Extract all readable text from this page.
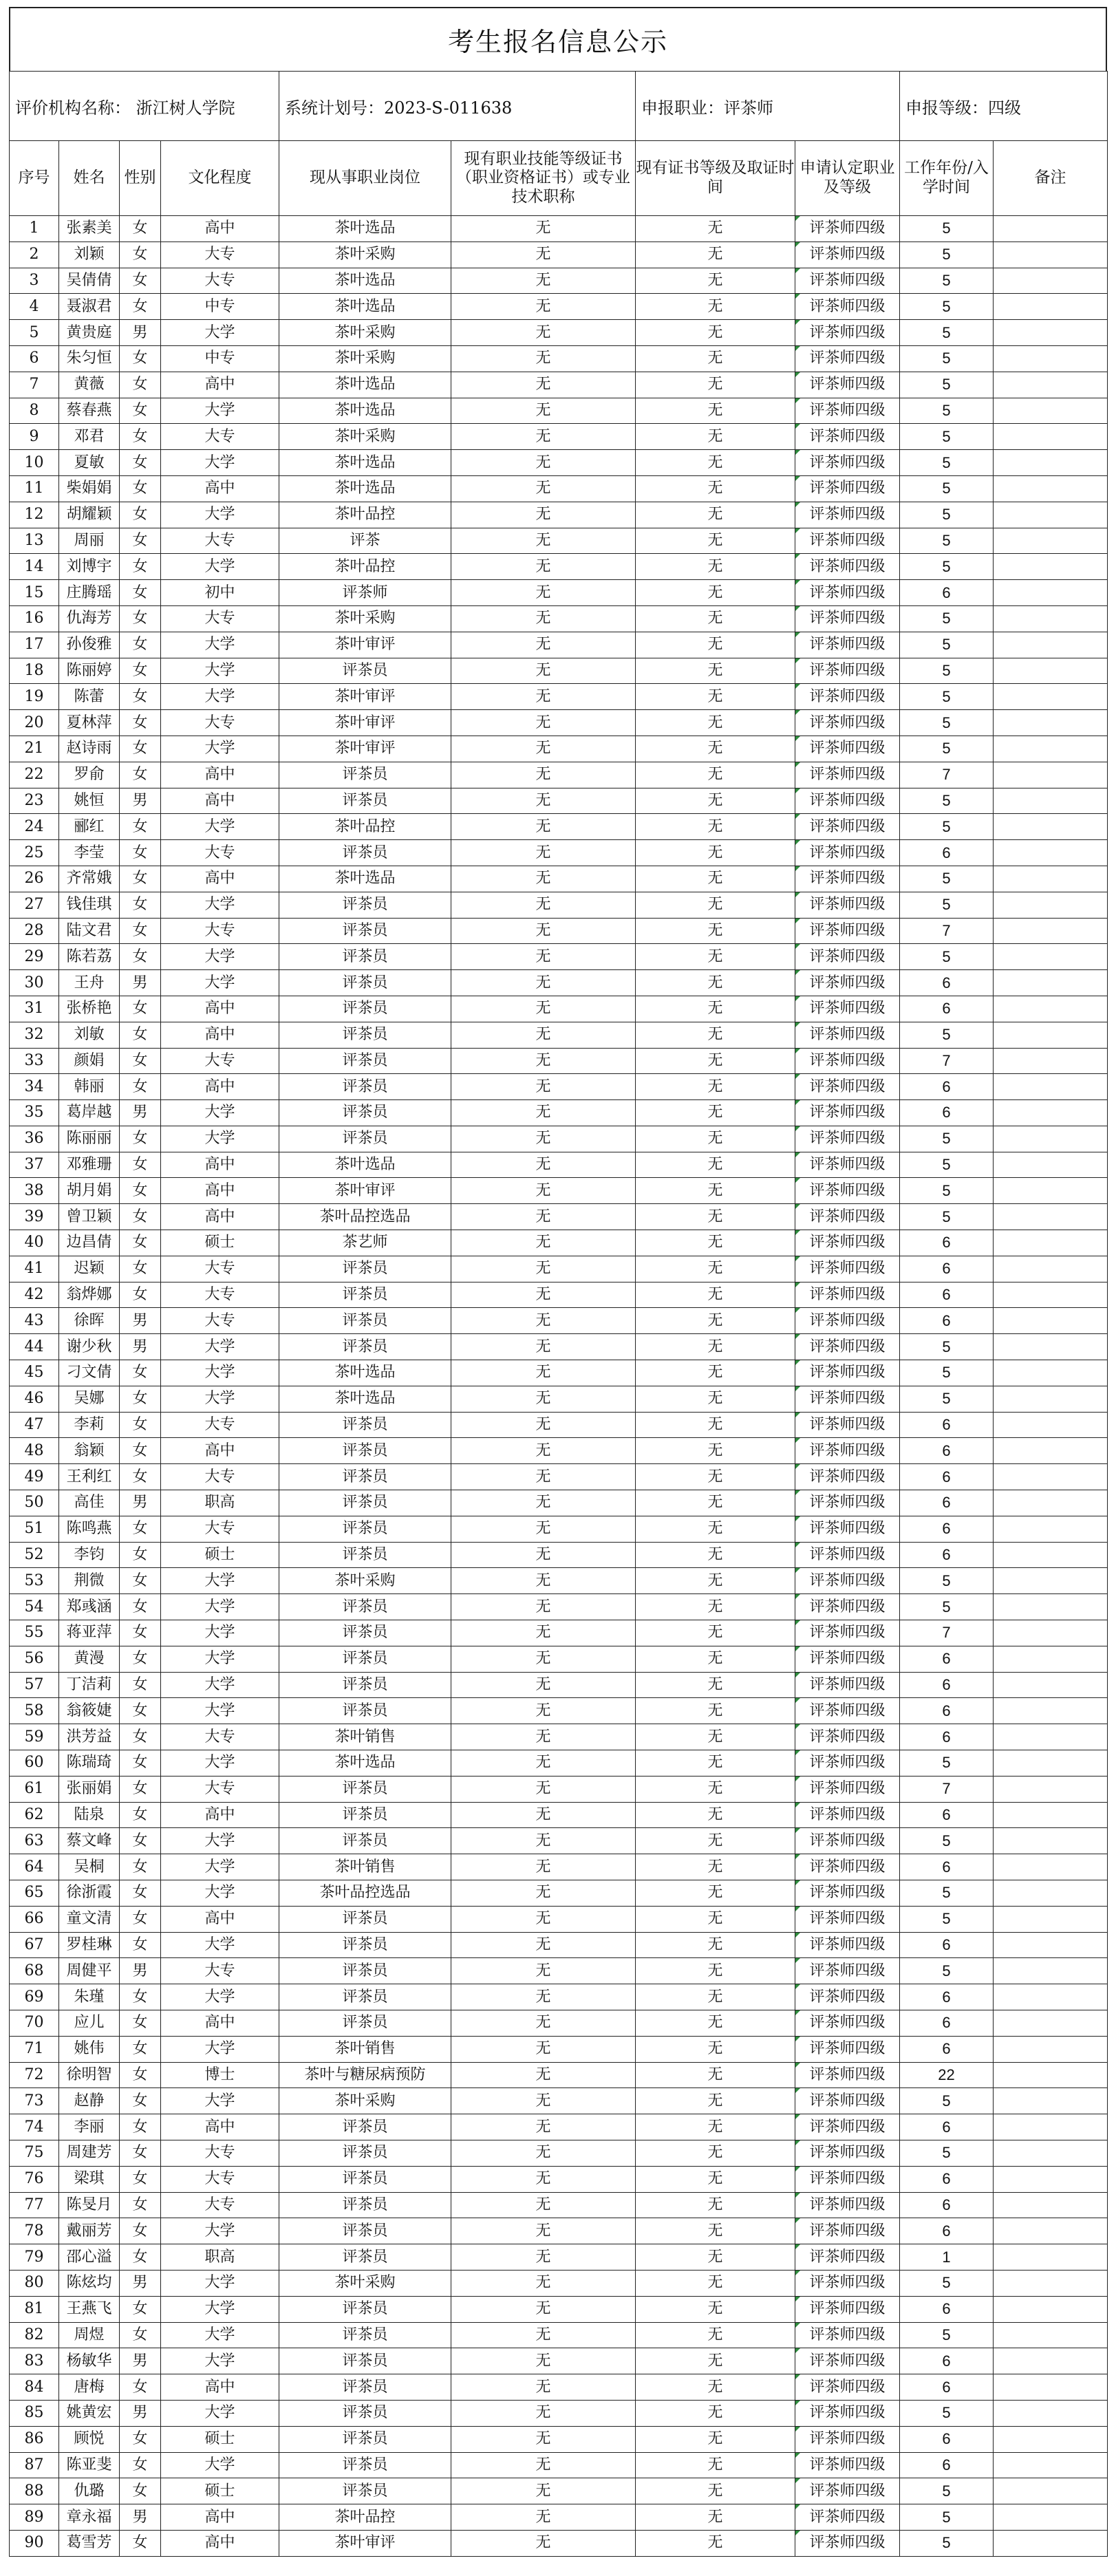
考生报名信息公示
评价机构名称： 浙江树人学院				系统计划号：2023-S-011638		申报职业：评茶师		申报等级：四级	
序号	姓名	性别	文化程度	现从事职业岗位	现有职业技能等级证书（职业资格证书）或专业技术职称	现有证书等级及取证时间	申请认定职业及等级	工作年份/入学时间	备注
1	张素美	女	高中	茶叶选品	无	无	评茶师四级	5	
2	刘颖	女	大专	茶叶采购	无	无	评茶师四级	5	
3	吴倩倩	女	大专	茶叶选品	无	无	评茶师四级	5	
4	聂淑君	女	中专	茶叶选品	无	无	评茶师四级	5	
5	黄贵庭	男	大学	茶叶采购	无	无	评茶师四级	5	
6	朱匀恒	女	中专	茶叶采购	无	无	评茶师四级	5	
7	黄薇	女	高中	茶叶选品	无	无	评茶师四级	5	
8	蔡春燕	女	大学	茶叶选品	无	无	评茶师四级	5	
9	邓君	女	大专	茶叶采购	无	无	评茶师四级	5	
10	夏敏	女	大学	茶叶选品	无	无	评茶师四级	5	
11	柴娟娟	女	高中	茶叶选品	无	无	评茶师四级	5	
12	胡耀颖	女	大学	茶叶品控	无	无	评茶师四级	5	
13	周丽	女	大专	评茶	无	无	评茶师四级	5	
14	刘博宇	女	大学	茶叶品控	无	无	评茶师四级	5	
15	庄腾瑶	女	初中	评茶师	无	无	评茶师四级	6	
16	仇海芳	女	大专	茶叶采购	无	无	评茶师四级	5	
17	孙俊雅	女	大学	茶叶审评	无	无	评茶师四级	5	
18	陈丽婷	女	大学	评茶员	无	无	评茶师四级	5	
19	陈蕾	女	大学	茶叶审评	无	无	评茶师四级	5	
20	夏林萍	女	大专	茶叶审评	无	无	评茶师四级	5	
21	赵诗雨	女	大学	茶叶审评	无	无	评茶师四级	5	
22	罗俞	女	高中	评茶员	无	无	评茶师四级	7	
23	姚恒	男	高中	评茶员	无	无	评茶师四级	5	
24	郦红	女	大学	茶叶品控	无	无	评茶师四级	5	
25	李莹	女	大专	评茶员	无	无	评茶师四级	6	
26	齐常娥	女	高中	茶叶选品	无	无	评茶师四级	5	
27	钱佳琪	女	大学	评茶员	无	无	评茶师四级	5	
28	陆文君	女	大专	评茶员	无	无	评茶师四级	7	
29	陈若荔	女	大学	评茶员	无	无	评茶师四级	5	
30	王舟	男	大学	评茶员	无	无	评茶师四级	6	
31	张桥艳	女	高中	评茶员	无	无	评茶师四级	6	
32	刘敏	女	高中	评茶员	无	无	评茶师四级	5	
33	颜娟	女	大专	评茶员	无	无	评茶师四级	7	
34	韩丽	女	高中	评茶员	无	无	评茶师四级	6	
35	葛岸越	男	大学	评茶员	无	无	评茶师四级	6	
36	陈丽丽	女	大学	评茶员	无	无	评茶师四级	5	
37	邓雅珊	女	高中	茶叶选品	无	无	评茶师四级	5	
38	胡月娟	女	高中	茶叶审评	无	无	评茶师四级	5	
39	曾卫颖	女	高中	茶叶品控选品	无	无	评茶师四级	5	
40	边昌倩	女	硕士	茶艺师	无	无	评茶师四级	6	
41	迟颖	女	大专	评茶员	无	无	评茶师四级	6	
42	翁烨娜	女	大专	评茶员	无	无	评茶师四级	6	
43	徐晖	男	大专	评茶员	无	无	评茶师四级	6	
44	谢少秋	男	大学	评茶员	无	无	评茶师四级	5	
45	刁文倩	女	大学	茶叶选品	无	无	评茶师四级	5	
46	吴娜	女	大学	茶叶选品	无	无	评茶师四级	5	
47	李莉	女	大专	评茶员	无	无	评茶师四级	6	
48	翁颖	女	高中	评茶员	无	无	评茶师四级	6	
49	王利红	女	大专	评茶员	无	无	评茶师四级	6	
50	高佳	男	职高	评茶员	无	无	评茶师四级	6	
51	陈鸣燕	女	大专	评茶员	无	无	评茶师四级	6	
52	李钧	女	硕士	评茶员	无	无	评茶师四级	6	
53	荆微	女	大学	茶叶采购	无	无	评茶师四级	5	
54	郑彧涵	女	大学	评茶员	无	无	评茶师四级	5	
55	蒋亚萍	女	大学	评茶员	无	无	评茶师四级	7	
56	黄漫	女	大学	评茶员	无	无	评茶师四级	6	
57	丁洁莉	女	大学	评茶员	无	无	评茶师四级	6	
58	翁筱婕	女	大学	评茶员	无	无	评茶师四级	6	
59	洪芳益	女	大专	茶叶销售	无	无	评茶师四级	6	
60	陈瑞琦	女	大学	茶叶选品	无	无	评茶师四级	5	
61	张丽娟	女	大专	评茶员	无	无	评茶师四级	7	
62	陆泉	女	高中	评茶员	无	无	评茶师四级	6	
63	蔡文峰	女	大学	评茶员	无	无	评茶师四级	5	
64	吴桐	女	大学	茶叶销售	无	无	评茶师四级	6	
65	徐浙霞	女	大学	茶叶品控选品	无	无	评茶师四级	5	
66	童文清	女	高中	评茶员	无	无	评茶师四级	5	
67	罗桂琳	女	大学	评茶员	无	无	评茶师四级	6	
68	周健平	男	大专	评茶员	无	无	评茶师四级	5	
69	朱瑾	女	大学	评茶员	无	无	评茶师四级	6	
70	应儿	女	高中	评茶员	无	无	评茶师四级	6	
71	姚伟	女	大学	茶叶销售	无	无	评茶师四级	6	
72	徐明智	女	博士	茶叶与糖尿病预防	无	无	评茶师四级	22	
73	赵静	女	大学	茶叶采购	无	无	评茶师四级	5	
74	李丽	女	高中	评茶员	无	无	评茶师四级	6	
75	周建芳	女	大专	评茶员	无	无	评茶师四级	5	
76	梁琪	女	大专	评茶员	无	无	评茶师四级	6	
77	陈旻月	女	大专	评茶员	无	无	评茶师四级	6	
78	戴丽芳	女	大学	评茶员	无	无	评茶师四级	6	
79	邵心溢	女	职高	评茶员	无	无	评茶师四级	1	
80	陈炫均	男	大学	茶叶采购	无	无	评茶师四级	5	
81	王燕飞	女	大学	评茶员	无	无	评茶师四级	6	
82	周煜	女	大学	评茶员	无	无	评茶师四级	5	
83	杨敏华	男	大学	评茶员	无	无	评茶师四级	6	
84	唐梅	女	高中	评茶员	无	无	评茶师四级	6	
85	姚黄宏	男	大学	评茶员	无	无	评茶师四级	5	
86	顾悦	女	硕士	评茶员	无	无	评茶师四级	6	
87	陈亚斐	女	大学	评茶员	无	无	评茶师四级	6	
88	仇璐	女	硕士	评茶员	无	无	评茶师四级	5	
89	章永福	男	高中	茶叶品控	无	无	评茶师四级	5	
90	葛雪芳	女	高中	茶叶审评	无	无	评茶师四级	5	
